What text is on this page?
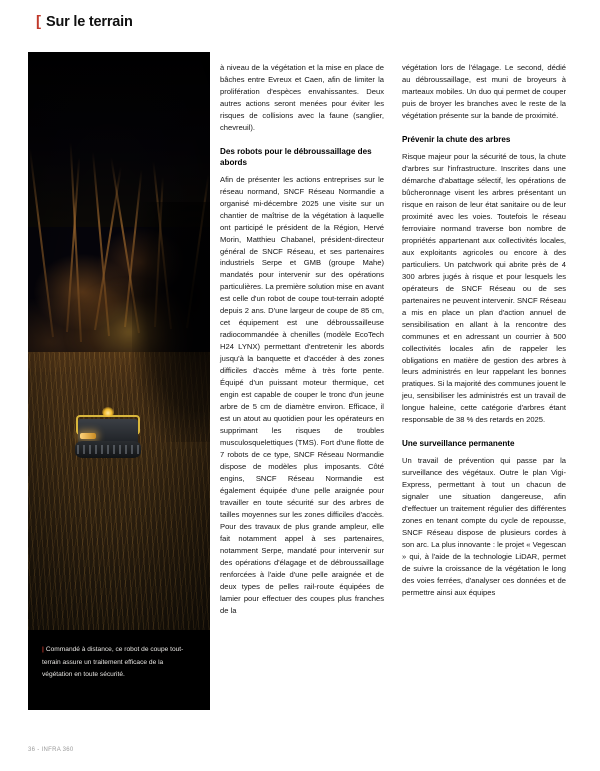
[ Sur le terrain

| Commandé à distance, ce robot de coupe tout-terrain assure un traitement efficace de la végétation en toute sécurité.

à niveau de la végétation et la mise en place de bâches entre Evreux et Caen, afin de limiter la prolifération d'espèces envahissantes. Deux autres actions seront menées pour éviter les risques de collisions avec la faune (sanglier, chevreuil).

Des robots pour le débroussaillage des abords

Afin de présenter les actions entreprises sur le réseau normand, SNCF Réseau Normandie a organisé mi-décembre 2025 une visite sur un chantier de maîtrise de la végétation à laquelle ont participé le président de la Région, Hervé Morin, Matthieu Chabanel, président-directeur général de SNCF Réseau, et ses partenaires industriels Serpe et GMB (groupe Mahe) mandatés pour intervenir sur des opérations particulières. La première solution mise en avant est celle d'un robot de coupe tout-terrain adopté depuis 2 ans. D'une largeur de coupe de 85 cm, cet équipement est une débroussailleuse radiocommandée à chenilles (modèle EcoTech H24 LYNX) permettant d'entretenir les abords jusqu'à la banquette et d'accéder à des zones difficiles d'accès même à très forte pente. Équipé d'un puissant moteur thermique, cet engin est capable de couper le tronc d'un jeune arbre de 5 cm de diamètre environ. Efficace, il est un atout au quotidien pour les opérateurs en supprimant les risques de troubles musculosquelettiques (TMS). Fort d'une flotte de 7 robots de ce type, SNCF Réseau Normandie dispose de modèles plus imposants. Côté engins, SNCF Réseau Normandie est également équipée d'une pelle araignée pour travailler en toute sécurité sur des arbres de tailles moyennes sur les zones difficiles d'accès. Pour des travaux de plus grande ampleur, elle fait notamment appel à ses partenaires, notamment Serpe, mandaté pour intervenir sur des opérations d'élagage et de débroussaillage renforcées à l'aide d'une pelle araignée et de deux types de pelles rail-route équipées de lamier pour effectuer des coupes plus franches de la

végétation lors de l'élagage. Le second, dédié au débroussaillage, est muni de broyeurs à marteaux mobiles. Un duo qui permet de couper puis de broyer les branches avec le reste de la végétation présente sur la bande de proximité.

Prévenir la chute des arbres

Risque majeur pour la sécurité de tous, la chute d'arbres sur l'infrastructure. Inscrites dans une démarche d'abattage sélectif, les opérations de bûcheronnage visent les arbres présentant un risque en raison de leur état sanitaire ou de leur proximité avec les voies. Toutefois le réseau ferroviaire normand traverse bon nombre de propriétés appartenant aux collectivités locales, aux exploitants agricoles ou encore à des particuliers. Un patchwork qui abrite près de 4 300 arbres jugés à risque et pour lesquels les opérateurs de SNCF Réseau ou de ses partenaires ne peuvent intervenir. SNCF Réseau a mis en place un plan d'action annuel de sensibilisation en allant à la rencontre des communes et en adressant un courrier à 500 collectivités locales afin de rappeler les obligations en matière de gestion des arbres à leurs administrés en leur rappelant les bonnes pratiques. Si la majorité des communes jouent le jeu, sensibiliser les administrés est un travail de longue haleine, cette catégorie d'arbres étant responsable de 38 % des retards en 2025.

Une surveillance permanente

Un travail de prévention qui passe par la surveillance des végétaux. Outre le plan Vigi-Express, permettant à tout un chacun de signaler une situation dangereuse, afin d'effectuer un traitement régulier des différentes zones en tenant compte du cycle de repousse, SNCF Réseau dispose de plusieurs cordes à son arc. La plus innovante : le projet « Vegescan » qui, à l'aide de la technologie LiDAR, permet de suivre la croissance de la végétation le long des voies ferrées, d'analyser ces données et de permettre ainsi aux équipes

36 - INFRA 360
